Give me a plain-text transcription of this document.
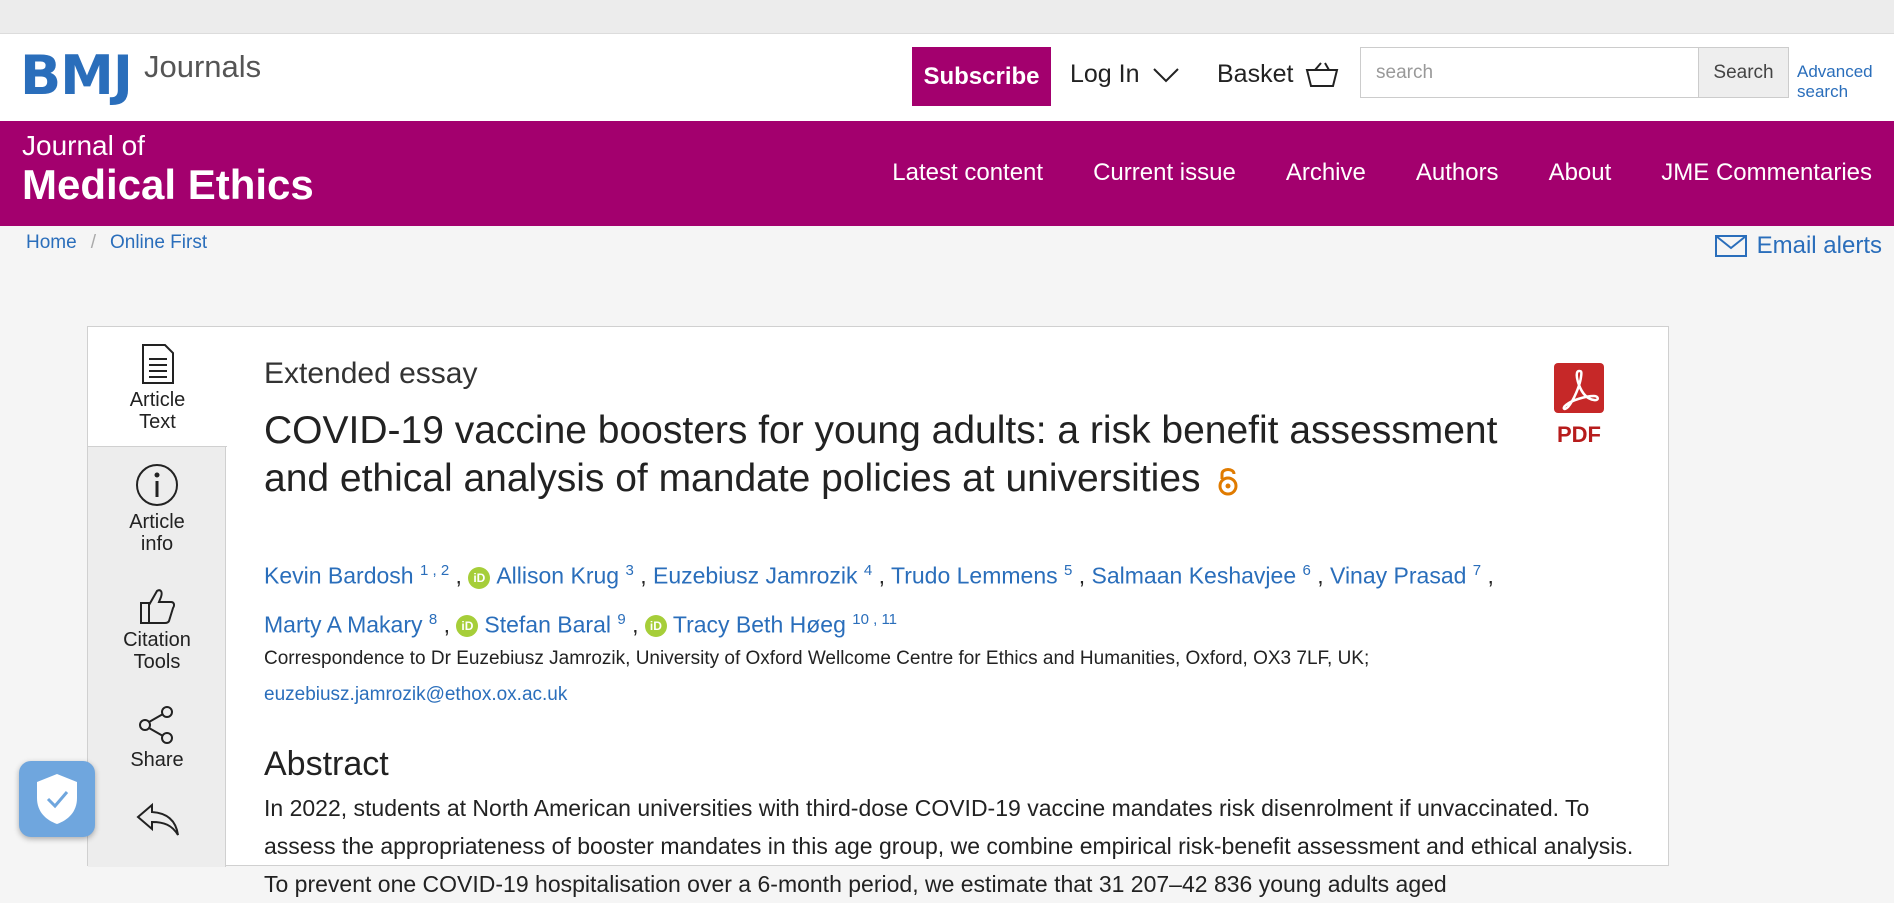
BMJ Journals	Subscribe	Log In	Basket
search	Search	Advanced search
Journal of
Medical Ethics	Latest content Current issue Archive Authors About JME Commentaries
Home / Online First	Email alerts
Article
Text
Article
info
Citation
Tools
Share
Extended essay
COVID-19 vaccine boosters for young adults: a risk benefit assessment and ethical analysis of mandate policies at universities
Kevin Bardosh $^{1 , 2}$ , iD Allison Krug $^3$ , Euzebiusz Jamrozik $^4$ , Trudo Lemmens $^5$ , Salmaan Keshavjee $^6$ , Vinay Prasad $^7$ , Marty A Makary $^8$ , iD Stefan Baral $^9$ , iD Tracy Beth Høeg $^{10 , 11}$
Correspondence to Dr Euzebiusz Jamrozik, University of Oxford Wellcome Centre for Ethics and Humanities, Oxford, OX3 7LF, UK;
euzebiusz.jamrozik@ethox.ox.ac.uk
Abstract

In 2022, students at North American universities with third-dose COVID-19 vaccine mandates risk disenrolment if unvaccinated. To assess the appropriateness of booster mandates in this age group, we combine empirical risk-benefit assessment and ethical analysis. To prevent one COVID-19 hospitalisation over a 6-month period, we estimate that 31 207–42 836 young adults aged

PDF
